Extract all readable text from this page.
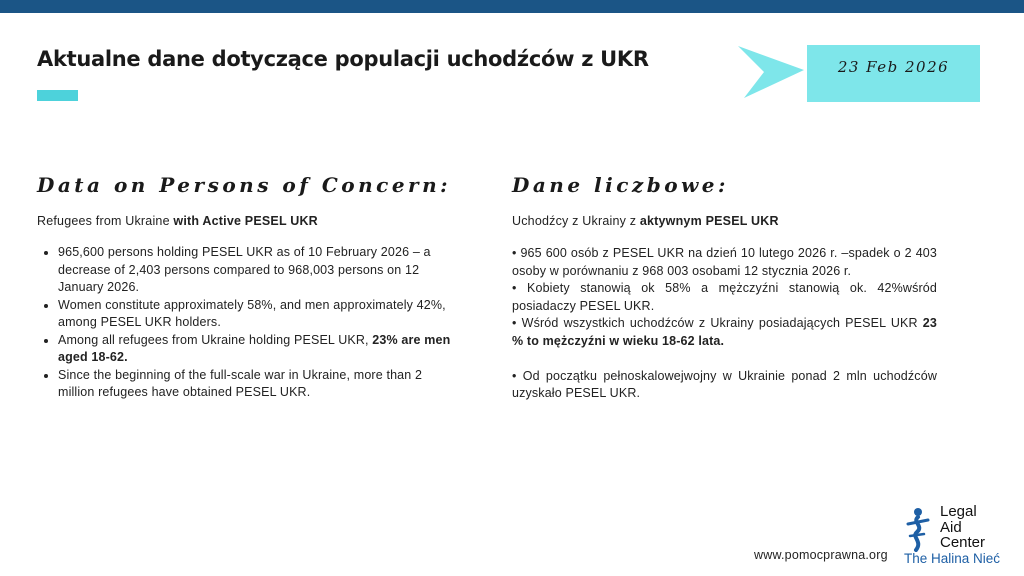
Aktualne dane dotyczące populacji uchodźców z UKR	23 Feb 2026
Data on Persons of Concern:
Refugees from Ukraine with Active PESEL UKR
• 965,600 persons holding PESEL UKR as of 10 February 2026 – a decrease of 2,403 persons compared to 968,003 persons on 12 January 2026.
• Women constitute approximately 58%, and men approximately 42%, among PESEL UKR holders.
• Among all refugees from Ukraine holding PESEL UKR, 23% are men aged 18-62.
• Since the beginning of the full-scale war in Ukraine, more than 2 million refugees have obtained PESEL UKR.
Dane liczbowe:
Uchodźcy z Ukrainy z aktywnym PESEL UKR
• 965 600 osób z PESEL UKR na dzień 10 lutego 2026 r. –spadek o 2 403 osoby w porównaniu z 968 003 osobami 12 stycznia 2026 r.
• Kobiety stanowią ok 58% a mężczyźni stanowią ok. 42%wśród posiadaczy PESEL UKR.
• Wśród wszystkich uchodźców z Ukrainy posiadających PESEL UKR 23 % to mężczyźni w wieku 18-62 lata.
• Od początku pełnoskalowejwojny w Ukrainie ponad 2 mln uchodźców uzyskało PESEL UKR.
www.pomocprawna.org
Legal
Aid
Center
The Halina Nieć
